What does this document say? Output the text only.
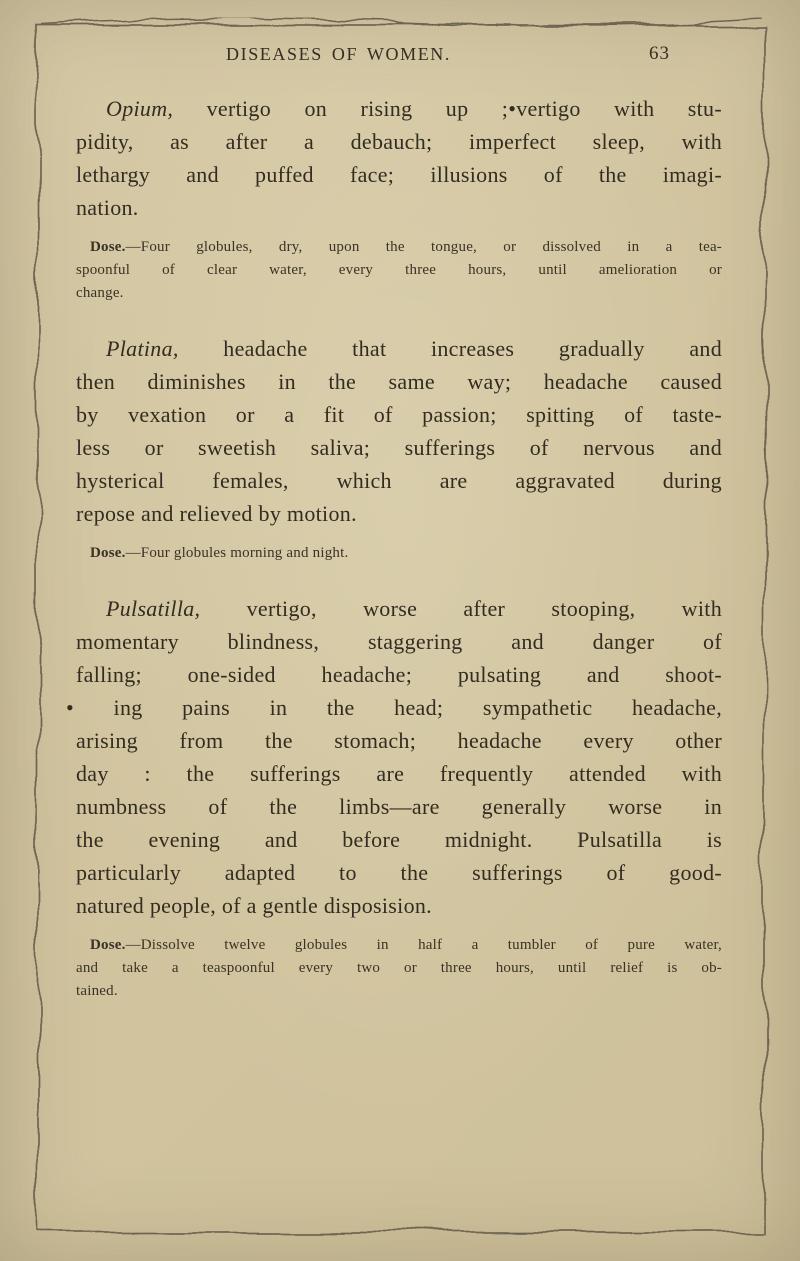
DISEASES OF WOMEN.	63
Opium, vertigo on rising up ;•vertigo with stu-
pidity, as after a debauch; imperfect sleep, with
lethargy and puffed face; illusions of the imagi-
nation.
Dose.—Four globules, dry, upon the tongue, or dissolved in a tea-
spoonful of clear water, every three hours, until amelioration or
change.
Platina, headache that increases gradually and
then diminishes in the same way; headache caused
by vexation or a fit of passion; spitting of taste-
less or sweetish saliva; sufferings of nervous and
hysterical females, which are aggravated during
repose and relieved by motion.
Dose.—Four globules morning and night.
Pulsatilla, vertigo, worse after stooping, with
momentary blindness, staggering and danger of
falling; one-sided headache; pulsating and shoot-
• ing pains in the head; sympathetic headache,
arising from the stomach; headache every other
day : the sufferings are frequently attended with
numbness of the limbs—are generally worse in
the evening and before midnight. Pulsatilla is
particularly adapted to the sufferings of good-
natured people, of a gentle disposision.
Dose.—Dissolve twelve globules in half a tumbler of pure water,
and take a teaspoonful every two or three hours, until relief is ob-
tained.
